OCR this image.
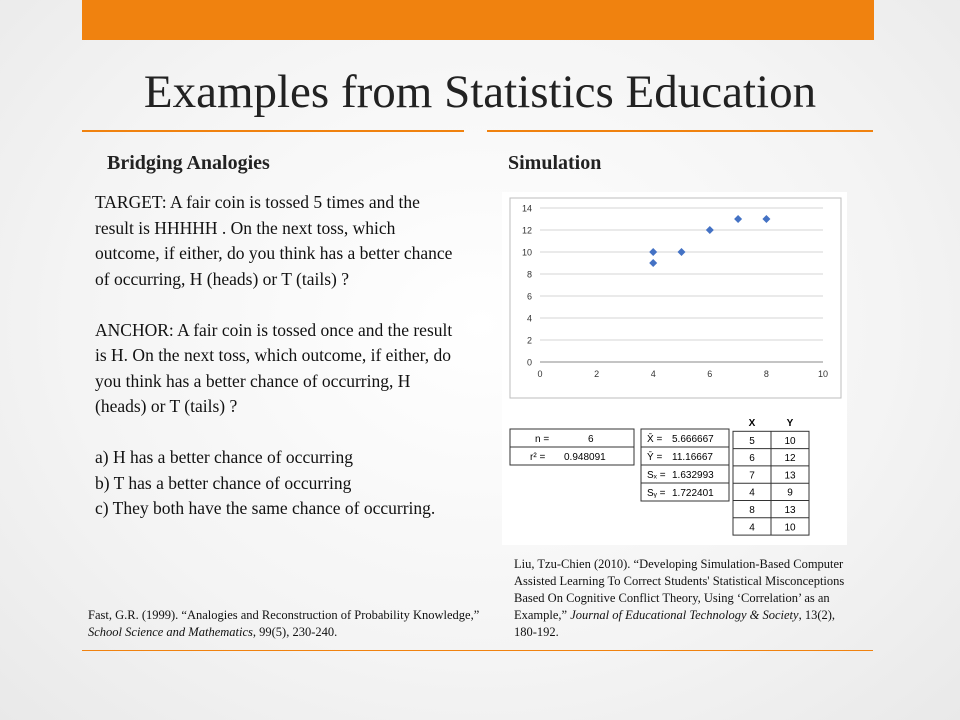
Examples from Statistics Education
Bridging Analogies	Simulation

TARGET: A fair coin is tossed 5 times and the result is HHHHH . On the next toss, which outcome, if either, do you think has a better chance of occurring, H (heads) or T (tails) ?

ANCHOR: A fair coin is tossed once and the result is H. On the next toss, which outcome, if either, do you think has a better chance of occurring, H (heads) or T (tails) ?

a) H has a better chance of occurring

b) T has a better chance of occurring

c) They both have the same chance of occurring.

Fast, G.R. (1999). “Analogies and Reconstruction of Probability Knowledge,” School Science and Mathematics, 99(5), 230-240.
0
2
4
6
8
10
12
14
0	2	4	6	8	10
n =	6
r² = 0.948091
X̄ = 5.666667
Ȳ = 11.16667
Sₓ = 1.632993
Sᵧ = 1.722401
X	Y
5	10
6	12
7	13
4	9
8	13
4	10
Liu, Tzu-Chien (2010). “Developing Simulation-Based Computer Assisted Learning To Correct Students' Statistical Misconceptions Based On Cognitive Conflict Theory, Using ‘Correlation’ as an Example,” Journal of Educational Technology & Society, 13(2), 180-192.
